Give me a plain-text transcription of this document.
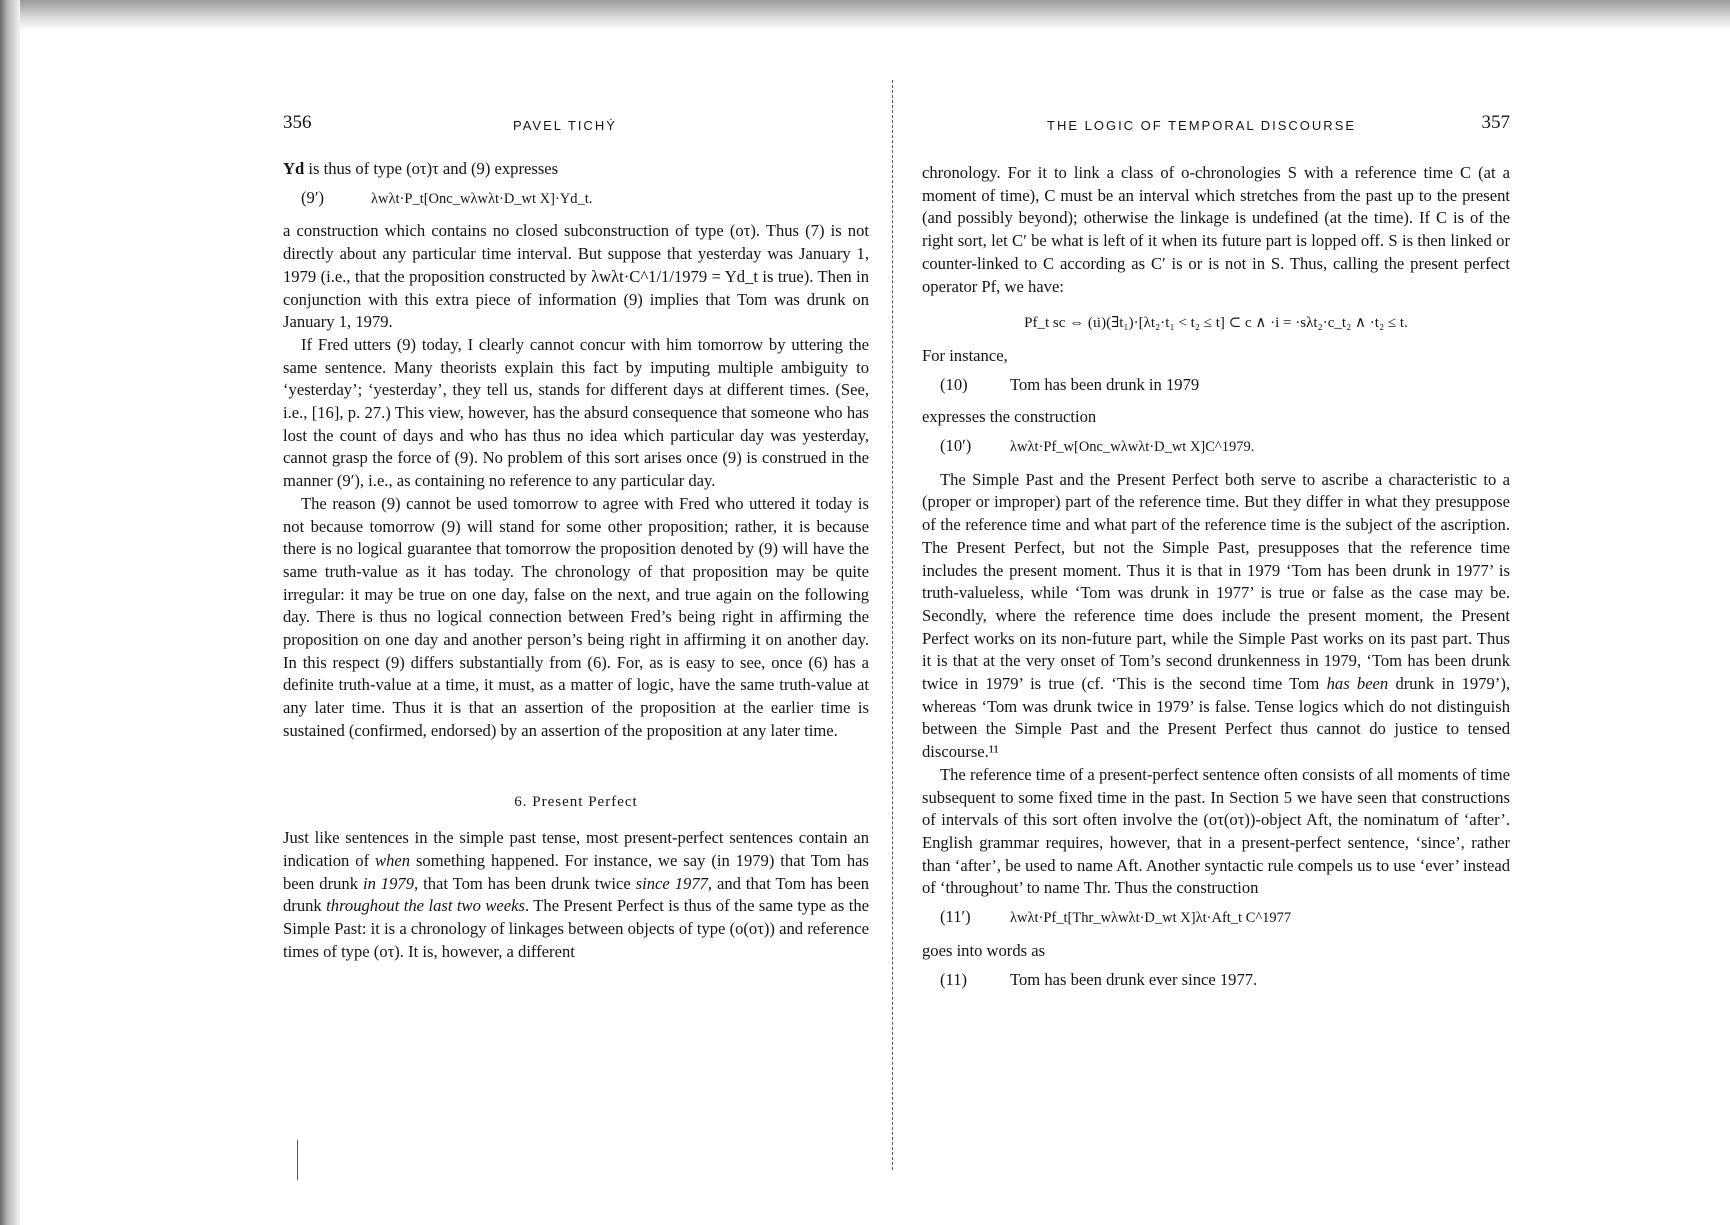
356	PAVEL TICHÝ

Yd is thus of type (oτ)τ and (9) expresses

(9′)	λwλt·P_t[Onc_wλwλt·D_wt X]·Yd_t.

a construction which contains no closed subconstruction of type (oτ). Thus (7) is not directly about any particular time interval. But suppose that yesterday was January 1, 1979 (i.e., that the proposition constructed by λwλt·C^1/1/1979 = Yd_t is true). Then in conjunction with this extra piece of information (9) implies that Tom was drunk on January 1, 1979.

If Fred utters (9) today, I clearly cannot concur with him tomorrow by uttering the same sentence. Many theorists explain this fact by imputing multiple ambiguity to ‘yesterday’; ‘yesterday’, they tell us, stands for different days at different times. (See, i.e., [16], p. 27.) This view, however, has the absurd consequence that someone who has lost the count of days and who has thus no idea which particular day was yesterday, cannot grasp the force of (9). No problem of this sort arises once (9) is construed in the manner (9′), i.e., as containing no reference to any particular day.

The reason (9) cannot be used tomorrow to agree with Fred who uttered it today is not because tomorrow (9) will stand for some other proposition; rather, it is because there is no logical guarantee that tomorrow the proposition denoted by (9) will have the same truth-value as it has today. The chronology of that proposition may be quite irregular: it may be true on one day, false on the next, and true again on the following day. There is thus no logical connection between Fred’s being right in affirming the proposition on one day and another person’s being right in affirming it on another day. In this respect (9) differs substantially from (6). For, as is easy to see, once (6) has a definite truth-value at a time, it must, as a matter of logic, have the same truth-value at any later time. Thus it is that an assertion of the proposition at the earlier time is sustained (confirmed, endorsed) by an assertion of the proposition at any later time.

6. Present Perfect

Just like sentences in the simple past tense, most present-perfect sentences contain an indication of when something happened. For instance, we say (in 1979) that Tom has been drunk in 1979, that Tom has been drunk twice since 1977, and that Tom has been drunk throughout the last two weeks. The Present Perfect is thus of the same type as the Simple Past: it is a chronology of linkages between objects of type (o(oτ)) and reference times of type (oτ). It is, however, a different

THE LOGIC OF TEMPORAL DISCOURSE	357

chronology. For it to link a class of o-chronologies S with a reference time C (at a moment of time), C must be an interval which stretches from the past up to the present (and possibly beyond); otherwise the linkage is undefined (at the time). If C is of the right sort, let C′ be what is left of it when its future part is lopped off. S is then linked or counter-linked to C according as C′ is or is not in S. Thus, calling the present perfect operator Pf, we have:

Pf_t sc ⇔ (ιi)(∃t₁)·[λt₂·t₁ < t₂ ≤ t] ⊂ c ∧ ·i = ·sλt₂·c_t₂ ∧ ·t₂ ≤ t.

For instance,

(10)	Tom has been drunk in 1979

expresses the construction

(10′)	λwλt·Pf_w[Onc_wλwλt·D_wt X]C^1979.

The Simple Past and the Present Perfect both serve to ascribe a characteristic to a (proper or improper) part of the reference time. But they differ in what they presuppose of the reference time and what part of the reference time is the subject of the ascription. The Present Perfect, but not the Simple Past, presupposes that the reference time includes the present moment. Thus it is that in 1979 ‘Tom has been drunk in 1977’ is truth-valueless, while ‘Tom was drunk in 1977’ is true or false as the case may be. Secondly, where the reference time does include the present moment, the Present Perfect works on its non-future part, while the Simple Past works on its past part. Thus it is that at the very onset of Tom’s second drunkenness in 1979, ‘Tom has been drunk twice in 1979’ is true (cf. ‘This is the second time Tom has been drunk in 1979’), whereas ‘Tom was drunk twice in 1979’ is false. Tense logics which do not distinguish between the Simple Past and the Present Perfect thus cannot do justice to tensed discourse.¹¹

The reference time of a present-perfect sentence often consists of all moments of time subsequent to some fixed time in the past. In Section 5 we have seen that constructions of intervals of this sort often involve the (oτ(oτ))-object Aft, the nominatum of ‘after’. English grammar requires, however, that in a present-perfect sentence, ‘since’, rather than ‘after’, be used to name Aft. Another syntactic rule compels us to use ‘ever’ instead of ‘throughout’ to name Thr. Thus the construction

(11′)	λwλt·Pf_t[Thr_wλwλt·D_wt X]λt·Aft_t C^1977

goes into words as

(11)	Tom has been drunk ever since 1977.
